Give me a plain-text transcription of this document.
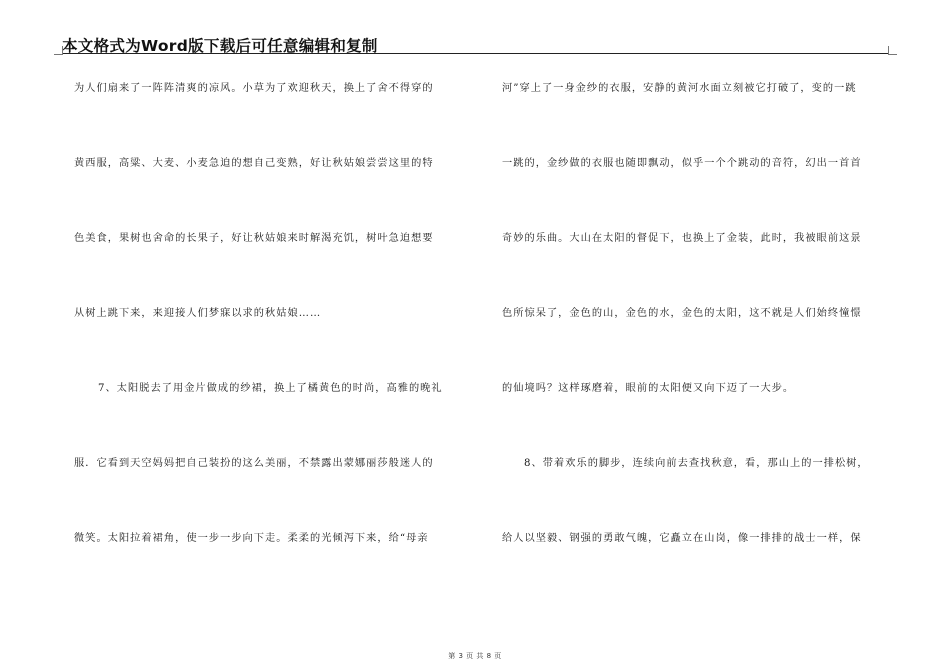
本文格式为Word版下载后可任意编辑和复制
为人们扇来了一阵阵清爽的凉风。小草为了欢迎秋天，换上了舍不得穿的
黄西服，高粱、大麦、小麦急迫的想自己变熟，好让秋姑娘尝尝这里的特
色美食，果树也舍命的长果子，好让秋姑娘来时解渴充饥，树叶急迫想要
从树上跳下来，来迎接人们梦寐以求的秋姑娘……
7、太阳脱去了用金片做成的纱裙，换上了橘黄色的时尚，高雅的晚礼
服．它看到天空妈妈把自己装扮的这么美丽，不禁露出蒙娜丽莎般迷人的
微笑。太阳拉着裙角，使一步一步向下走。柔柔的光倾泻下来，给“母亲
河”穿上了一身金纱的衣服，安静的黄河水面立刻被它打破了，变的一跳
一跳的，金纱做的衣服也随即飘动，似乎一个个跳动的音符，幻出一首首
奇妙的乐曲。大山在太阳的督促下，也换上了金装，此时，我被眼前这景
色所惊呆了，金色的山，金色的水，金色的太阳，这不就是人们始终憧憬
的仙境吗？这样琢磨着，眼前的太阳便又向下迈了一大步。
8、带着欢乐的脚步，连续向前去查找秋意，看，那山上的一排松树，
给人以坚毅、钢强的勇敢气魄，它矗立在山岗，像一排排的战士一样，保
第 3 页 共 8 页
